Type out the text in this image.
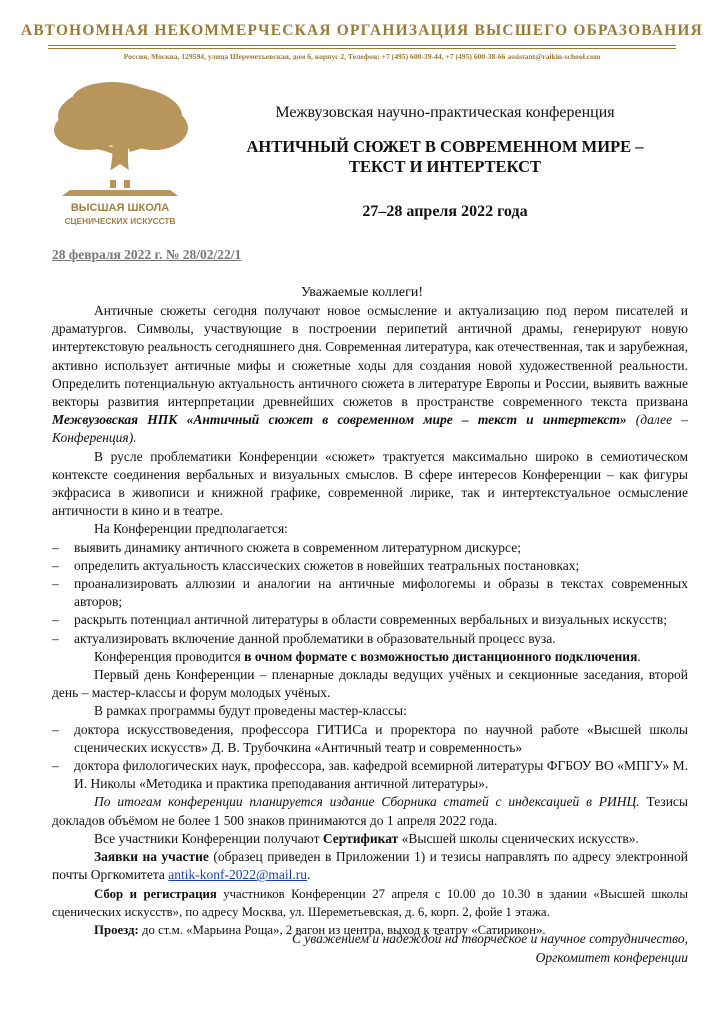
АВТОНОМНАЯ НЕКОММЕРЧЕСКАЯ ОРГАНИЗАЦИЯ ВЫСШЕГО ОБРАЗОВАНИЯ
Россия, Москва, 129594, улица Шереметьевская, дом 6, корпус 2, Телефон: +7 (495) 600-39-44, +7 (495) 600-38-66 assistant@raikin-school.com
ВЫСШАЯ ШКОЛА
СЦЕНИЧЕСКИХ ИСКУССТВ
Межвузовская научно-практическая конференция
АНТИЧНЫЙ СЮЖЕТ В СОВРЕМЕННОМ МИРЕ –
ТЕКСТ И ИНТЕРТЕКСТ
27–28 апреля 2022 года
28 февраля 2022 г. № 28/02/22/1
Уважаемые коллеги!

Античные сюжеты сегодня получают новое осмысление и актуализацию под пером писателей и драматургов. Символы, участвующие в построении перипетий античной драмы, генерируют новую интертекстовую реальность сегодняшнего дня. Современная литература, как отечественная, так и зарубежная, активно использует античные мифы и сюжетные ходы для создания новой художественной реальности. Определить потенциальную актуальность античного сюжета в литературе Европы и России, выявить важные векторы развития интерпретации древнейших сюжетов в пространстве современного текста призвана Межвузовская НПК «Античный сюжет в современном мире – текст и интертекст» (далее – Конференция).

В русле проблематики Конференции «сюжет» трактуется максимально широко в семиотическом контексте соединения вербальных и визуальных смыслов. В сфере интересов Конференции – как фигуры экфрасиса в живописи и книжной графике, современной лирике, так и интертекстуальное осмысление античности в кино и в театре.

На Конференции предполагается:

–	выявить динамику античного сюжета в современном литературном дискурсе;
–	определить актуальность классических сюжетов в новейших театральных постановках;
–	проанализировать аллюзии и аналогии на античные мифологемы и образы в текстах современных авторов;
–	раскрыть потенциал античной литературы в области современных вербальных и визуальных искусств;
–	актуализировать включение данной проблематики в образовательный процесс вуза.

Конференция проводится в очном формате с возможностью дистанционного подключения.

Первый день Конференции – пленарные доклады ведущих учёных и секционные заседания, второй день – мастер-классы и форум молодых учёных.

В рамках программы будут проведены мастер-классы:

–	доктора искусствоведения, профессора ГИТИСа и проректора по научной работе «Высшей школы сценических искусств» Д. В. Трубочкина «Античный театр и современность»
–	доктора филологических наук, профессора, зав. кафедрой всемирной литературы ФГБОУ ВО «МПГУ» М. И. Николы «Методика и практика преподавания античной литературы».

По итогам конференции планируется издание Сборника статей с индексацией в РИНЦ. Тезисы докладов объёмом не более 1 500 знаков принимаются до 1 апреля 2022 года.

Все участники Конференции получают Сертификат «Высшей школы сценических искусств».

Заявки на участие (образец приведен в Приложении 1) и тезисы направлять по адресу электронной почты Оргкомитета antik-konf-2022@mail.ru.

Сбор и регистрация участников Конференции 27 апреля с 10.00 до 10.30 в здании «Высшей школы сценических искусств», по адресу Москва, ул. Шереметьевская, д. 6, корп. 2, фойе 1 этажа.

Проезд: до ст.м. «Марьина Роща», 2 вагон из центра, выход к театру «Сатирикон».

С уважением и надеждой на творческое и научное сотрудничество,
Оргкомитет конференции
